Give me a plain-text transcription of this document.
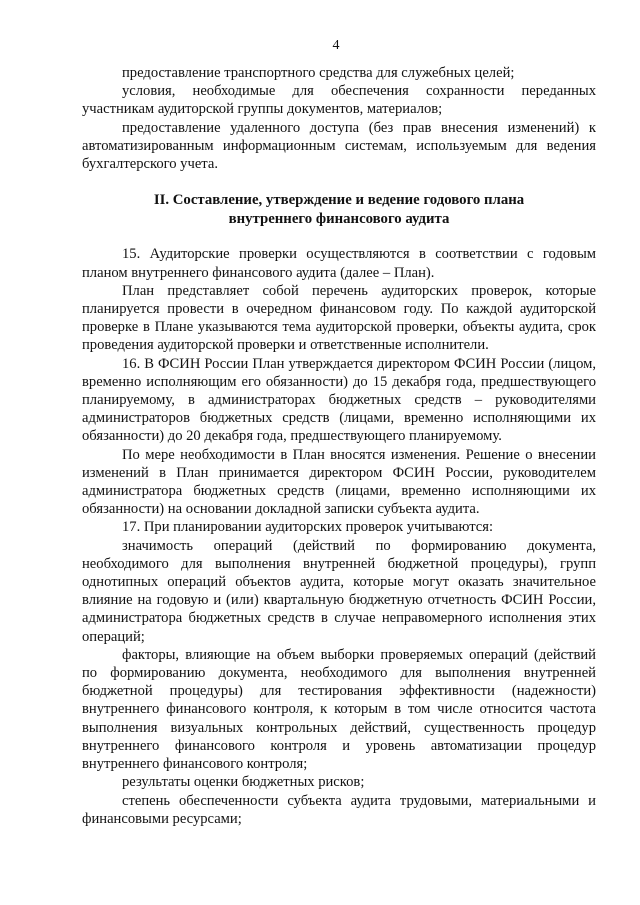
4

предоставление транспортного средства для служебных целей;

условия, необходимые для обеспечения сохранности переданных участникам аудиторской группы документов, материалов;

предоставление удаленного доступа (без прав внесения изменений) к автоматизированным информационным системам, используемым для ведения бухгалтерского учета.

II. Составление, утверждение и ведение годового плана
внутреннего финансового аудита

15. Аудиторские проверки осуществляются в соответствии с годовым планом внутреннего финансового аудита (далее – План).

План представляет собой перечень аудиторских проверок, которые планируется провести в очередном финансовом году. По каждой аудиторской проверке в Плане указываются тема аудиторской проверки, объекты аудита, срок проведения аудиторской проверки и ответственные исполнители.

16. В ФСИН России План утверждается директором ФСИН России (лицом, временно исполняющим его обязанности) до 15 декабря года, предшествующего планируемому, в администраторах бюджетных средств – руководителями администраторов бюджетных средств (лицами, временно исполняющими их обязанности) до 20 декабря года, предшествующего планируемому.

По мере необходимости в План вносятся изменения. Решение о внесении изменений в План принимается директором ФСИН России, руководителем администратора бюджетных средств (лицами, временно исполняющими их обязанности) на основании докладной записки субъекта аудита.

17. При планировании аудиторских проверок учитываются:

значимость операций (действий по формированию документа, необходимого для выполнения внутренней бюджетной процедуры), групп однотипных операций объектов аудита, которые могут оказать значительное влияние на годовую и (или) квартальную бюджетную отчетность ФСИН России, администратора бюджетных средств в случае неправомерного исполнения этих операций;

факторы, влияющие на объем выборки проверяемых операций (действий по формированию документа, необходимого для выполнения внутренней бюджетной процедуры) для тестирования эффективности (надежности) внутреннего финансового контроля, к которым в том числе относится частота выполнения визуальных контрольных действий, существенность процедур внутреннего финансового контроля и уровень автоматизации процедур внутреннего финансового контроля;

результаты оценки бюджетных рисков;

степень обеспеченности субъекта аудита трудовыми, материальными и финансовыми ресурсами;
